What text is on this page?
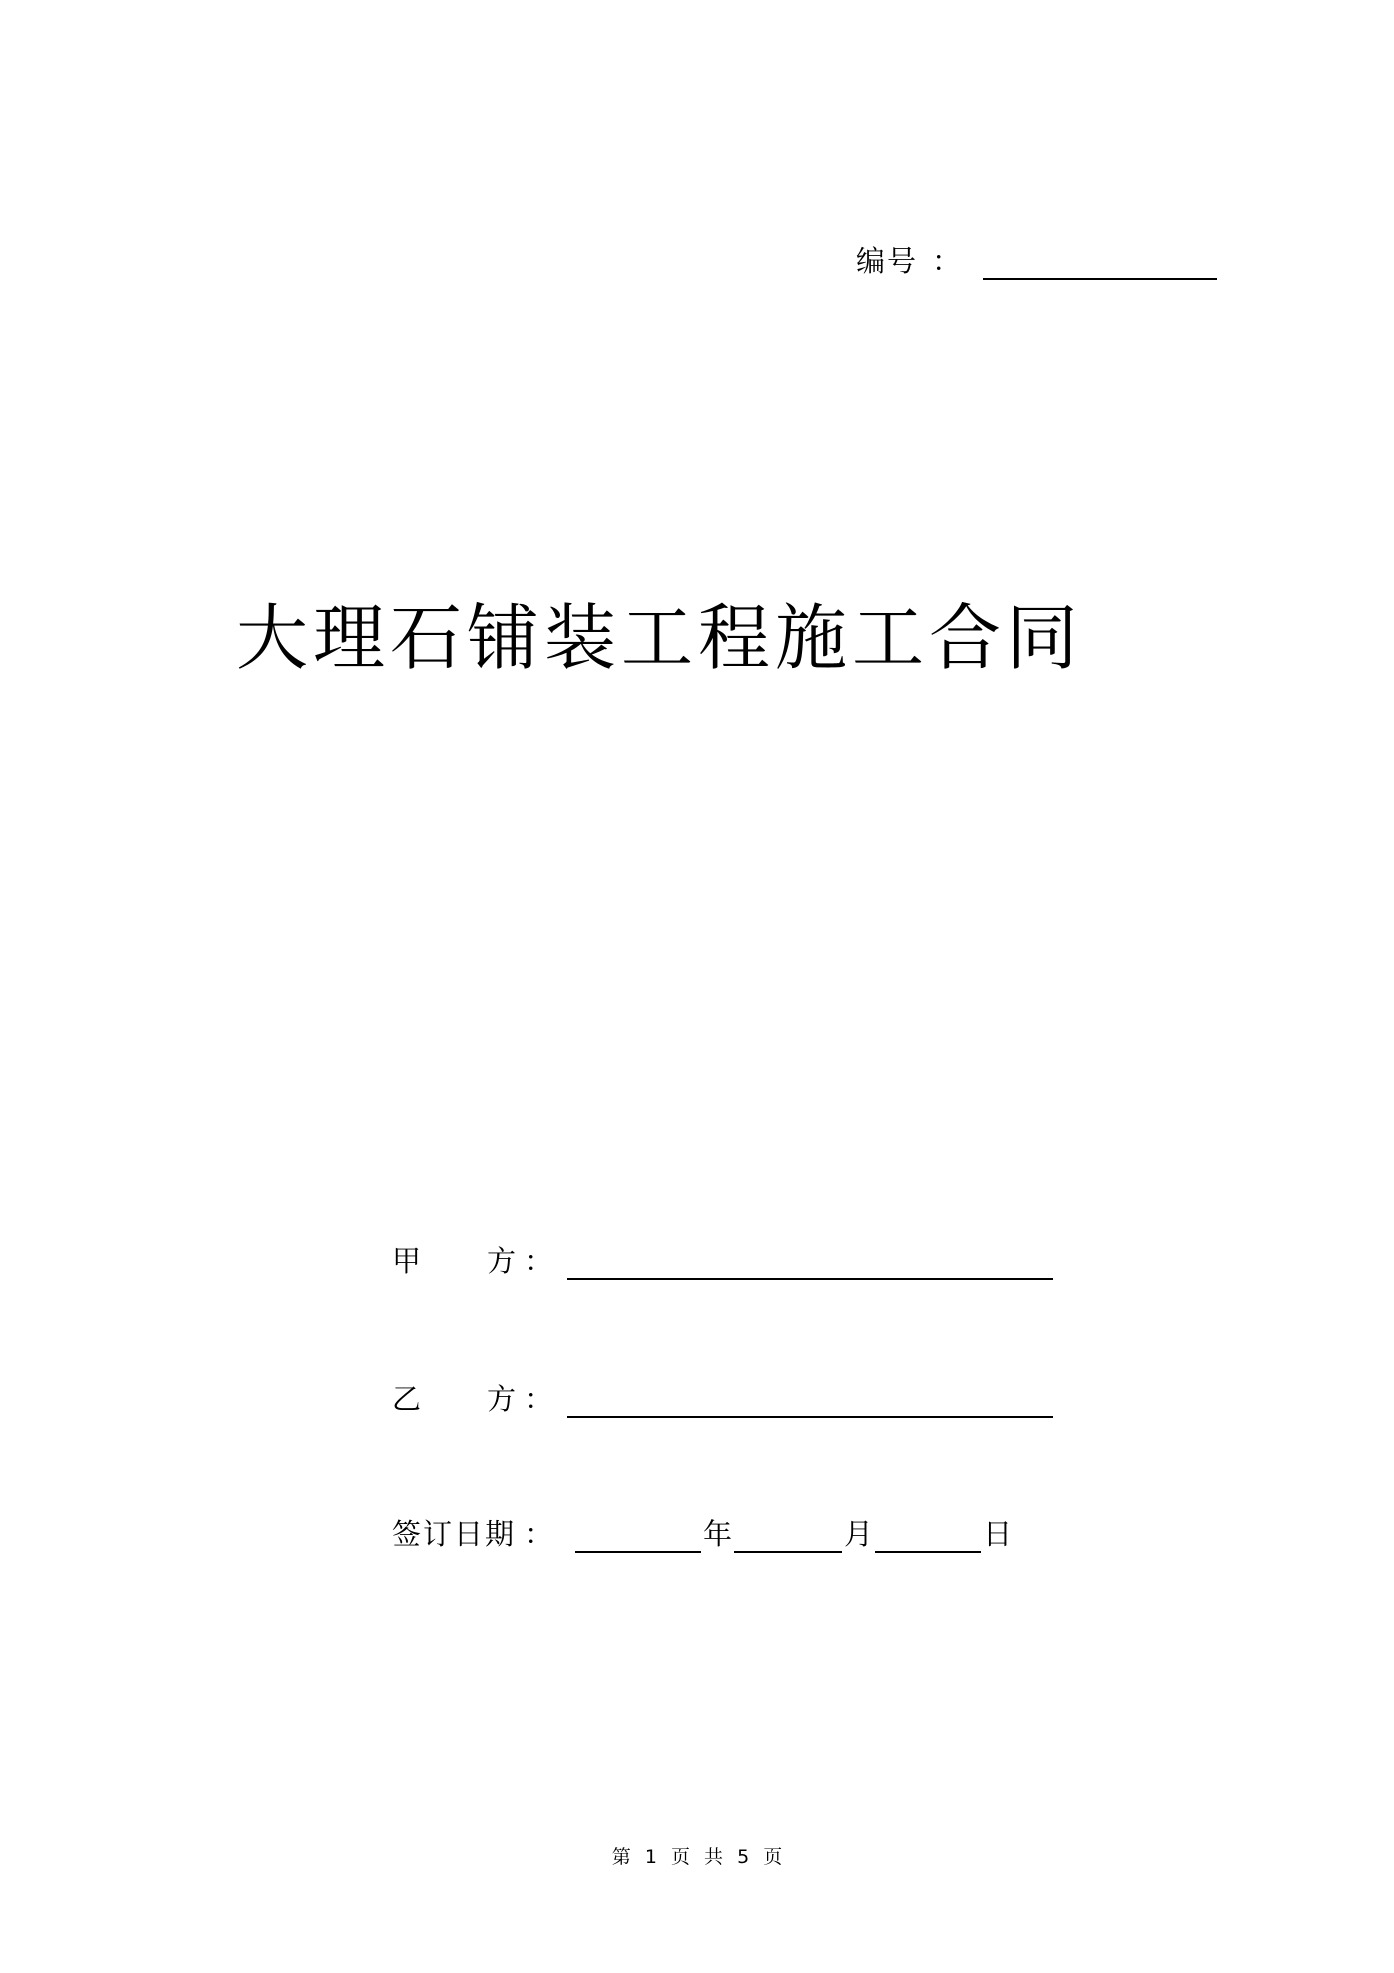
编号 ：
大理石铺装工程施工合同
甲 方 ：
乙 方 ：
签订日期 ：	年	月	日
第 1 页 共 5 页
